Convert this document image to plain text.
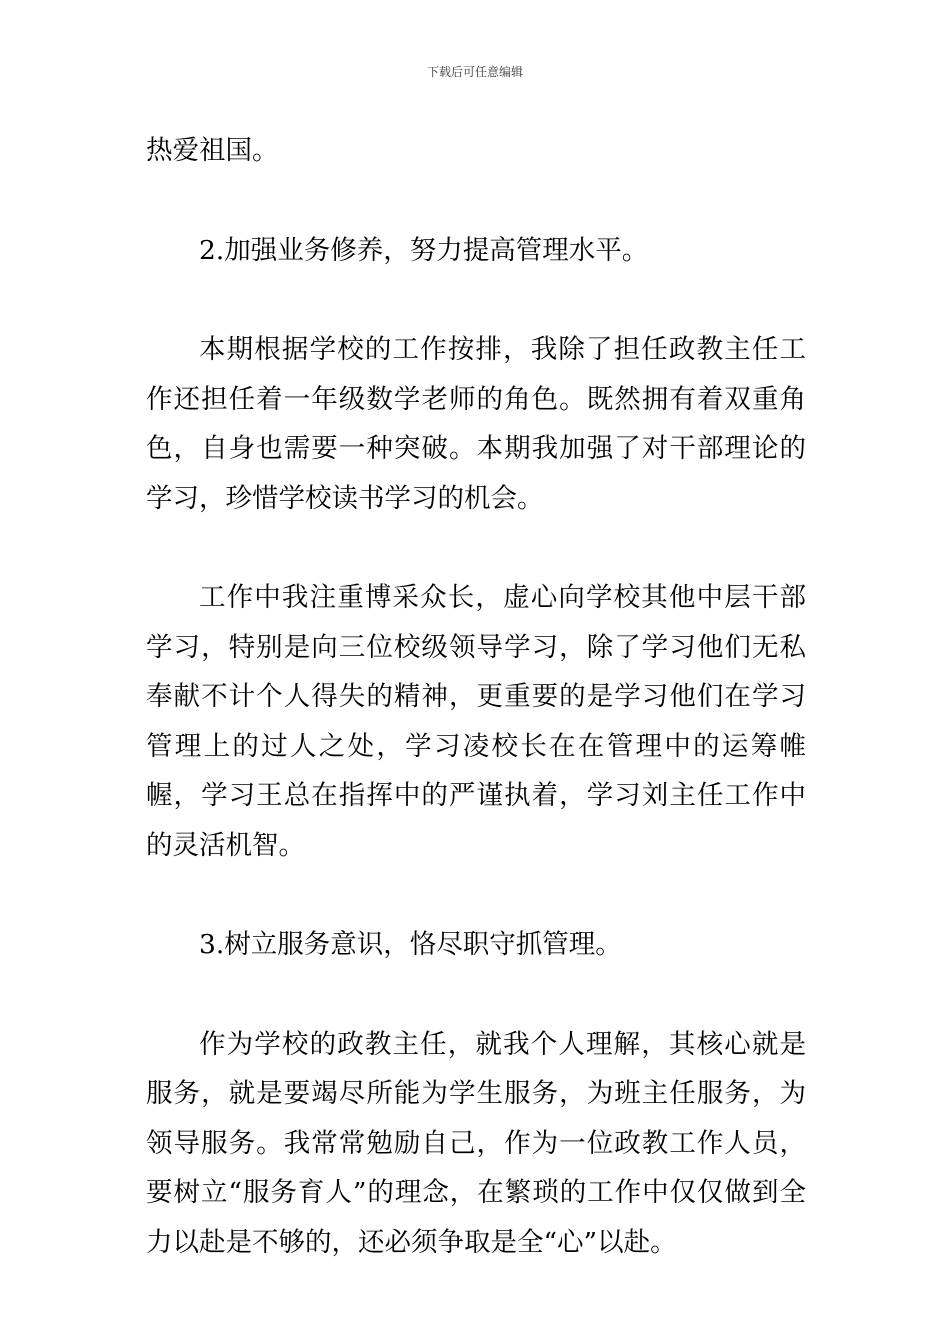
下载后可任意编辑

热爱祖国。

2.加强业务修养，努力提高管理水平。

本期根据学校的工作按排，我除了担任政教主任工作还担任着一年级数学老师的角色。既然拥有着双重角色，自身也需要一种突破。本期我加强了对干部理论的学习，珍惜学校读书学习的机会。

工作中我注重博采众长，虚心向学校其他中层干部学习，特别是向三位校级领导学习，除了学习他们无私奉献不计个人得失的精神，更重要的是学习他们在学习管理上的过人之处，学习凌校长在在管理中的运筹帷幄，学习王总在指挥中的严谨执着，学习刘主任工作中的灵活机智。

3.树立服务意识，恪尽职守抓管理。

作为学校的政教主任，就我个人理解，其核心就是服务，就是要竭尽所能为学生服务，为班主任服务，为领导服务。我常常勉励自己，作为一位政教工作人员，要树立“服务育人”的理念，在繁琐的工作中仅仅做到全力以赴是不够的，还必须争取是全“心”以赴。
